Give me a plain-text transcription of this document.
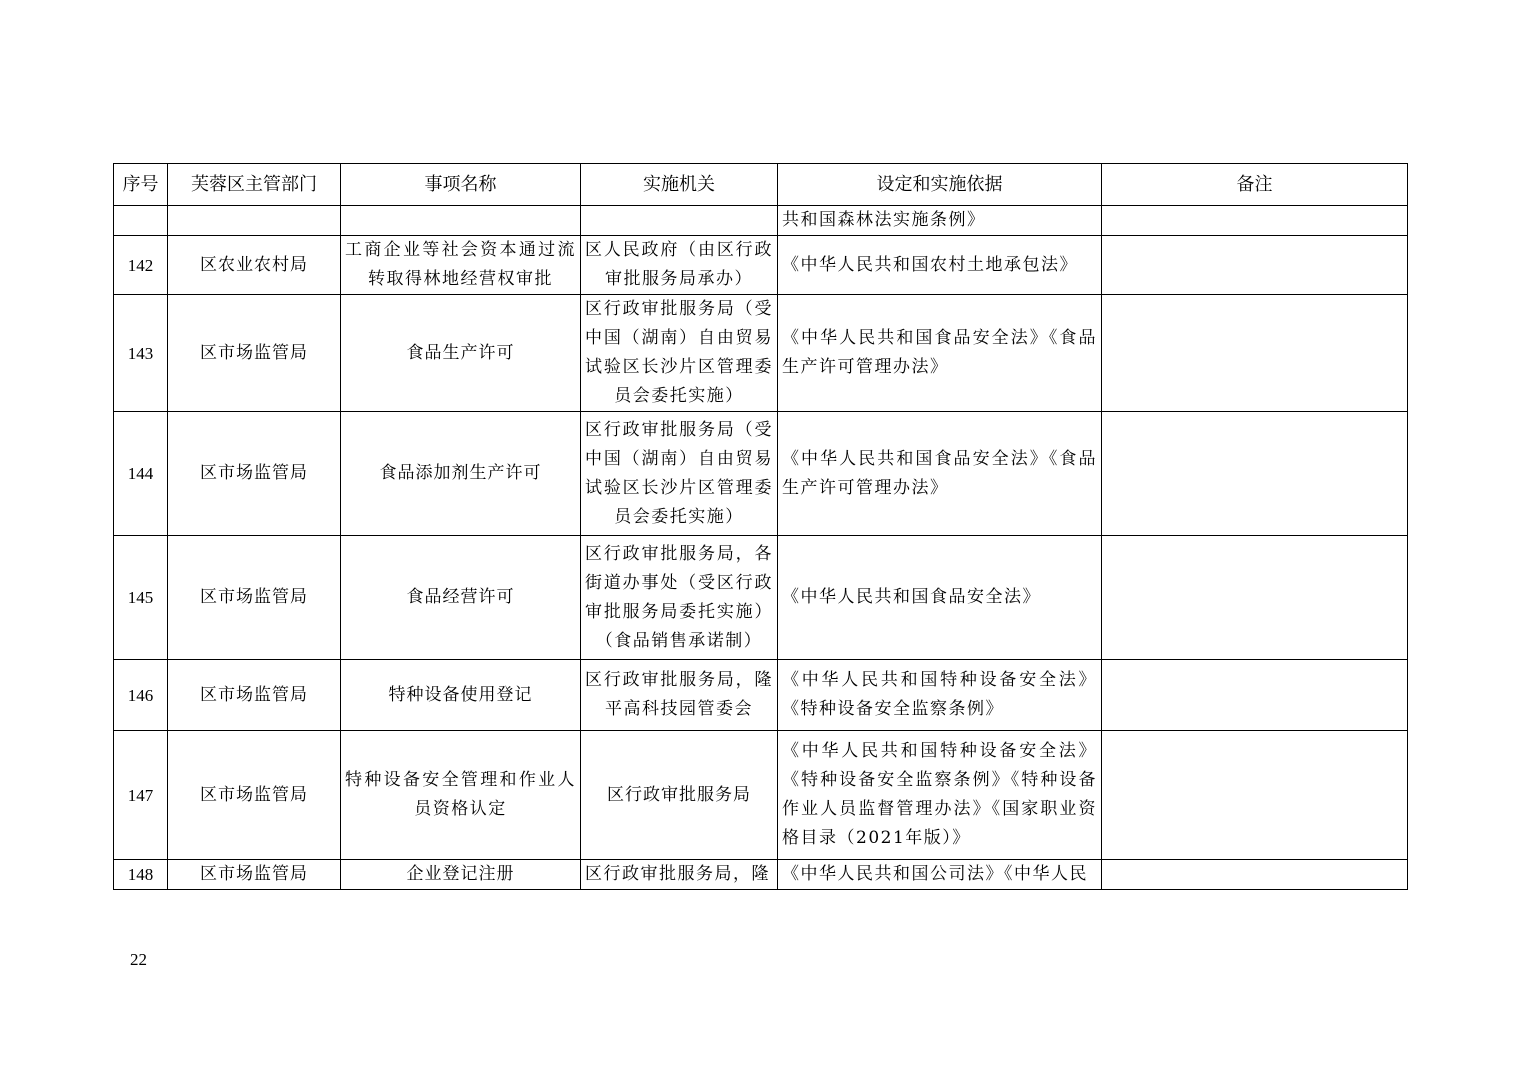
序号	芙蓉区主管部门	事项名称	实施机关	设定和实施依据	备注
				共和国森林法实施条例》	
142	区农业农村局	工商企业等社会资本通过流转取得林地经营权审批	区人民政府（由区行政审批服务局承办）	《中华人民共和国农村土地承包法》	
143	区市场监管局	食品生产许可	区行政审批服务局（受中国（湖南）自由贸易试验区长沙片区管理委员会委托实施）	《中华人民共和国食品安全法》《食品生产许可管理办法》	
144	区市场监管局	食品添加剂生产许可	区行政审批服务局（受中国（湖南）自由贸易试验区长沙片区管理委员会委托实施）	《中华人民共和国食品安全法》《食品生产许可管理办法》	
145	区市场监管局	食品经营许可	区行政审批服务局，各街道办事处（受区行政审批服务局委托实施）（食品销售承诺制）	《中华人民共和国食品安全法》	
146	区市场监管局	特种设备使用登记	区行政审批服务局，隆平高科技园管委会	《中华人民共和国特种设备安全法》《特种设备安全监察条例》	
147	区市场监管局	特种设备安全管理和作业人员资格认定	区行政审批服务局	《中华人民共和国特种设备安全法》《特种设备安全监察条例》《特种设备作业人员监督管理办法》《国家职业资格目录（2021年版）》	
148	区市场监管局	企业登记注册	区行政审批服务局，隆	《中华人民共和国公司法》《中华人民	
22
